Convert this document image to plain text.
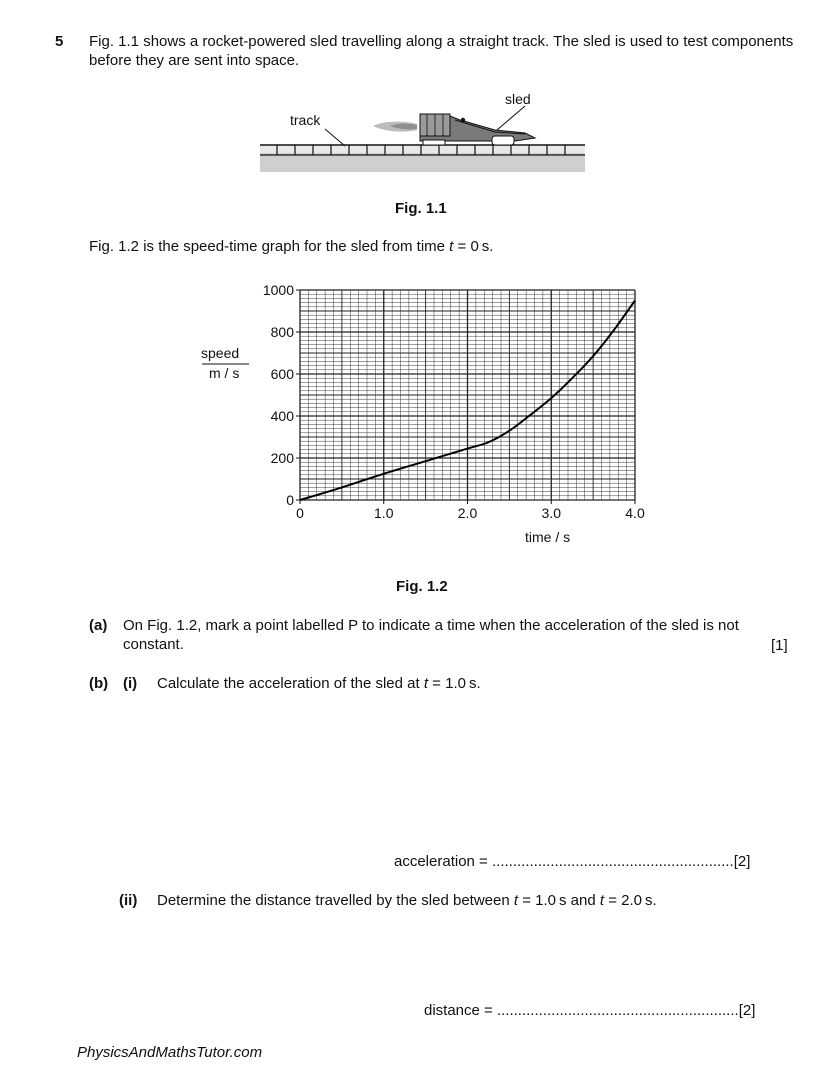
5 Fig. 1.1 shows a rocket-powered sled travelling along a straight track. The sled is used to test components before they are sent into space.
track
sled
Fig. 1.1
Fig. 1.2 is the speed-time graph for the sled from time t = 0 s.
0
200
400
600
800
1000
0	1.0	2.0	3.0	4.0
speed
m / s
time / s
Fig. 1.2
(a) On Fig. 1.2, mark a point labelled P to indicate a time when the acceleration of the sled is not constant.	[1]
(b) (i) Calculate the acceleration of the sled at t = 1.0 s.
acceleration = ..........................................................[2]
(ii) Determine the distance travelled by the sled between t = 1.0 s and t = 2.0 s.
distance = ..........................................................[2]
PhysicsAndMathsTutor.com
